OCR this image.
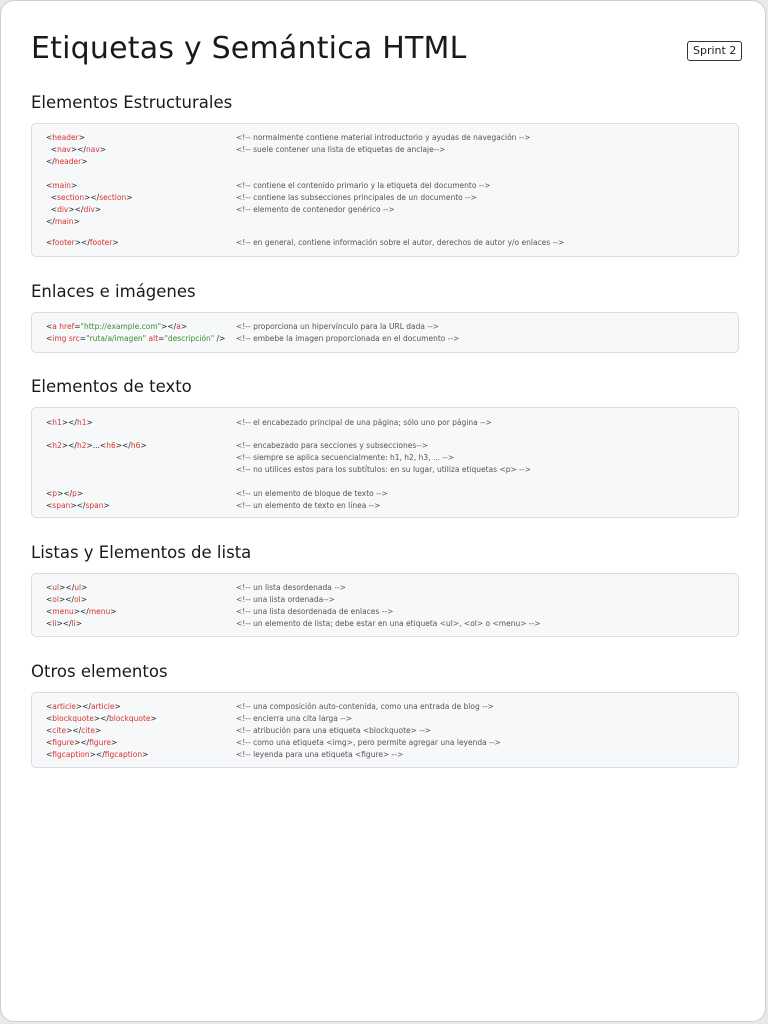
Etiquetas y Semántica HTML	Sprint 2
Elementos Estructurales
<header>	<!-- normalmente contiene material introductorio y ayudas de navegación -->
<nav></nav>	<!-- suele contener una lista de etiquetas de anclaje-->
</header>
<main>	<!-- contiene el contenido primario y la etiqueta del documento -->
<section></section>	<!-- contiene las subsecciones principales de un documento -->
<div></div>	<!-- elemento de contenedor genérico -->
</main>
<footer></footer>	<!-- en general, contiene información sobre el autor, derechos de autor y/o enlaces -->
Enlaces e imágenes
<a href="http://example.com"></a>	<!-- proporciona un hipervínculo para la URL dada -->
<img src="ruta/a/imagen" alt="descripción" /> <!-- embebe la imagen proporcionada en el documento -->
Elementos de texto
<h1></h1>	<!-- el encabezado principal de una página; sólo uno por página -->
<h2></h2>...<h6></h6>	<!-- encabezado para secciones y subsecciones-->
<!-- siempre se aplica secuencialmente: h1, h2, h3, ... -->
<!-- no utilices estos para los subtítulos: en su lugar, utiliza etiquetas <p> -->
<p></p>	<!-- un elemento de bloque de texto -->
<span></span>	<!-- un elemento de texto en línea -->
Listas y Elementos de lista
<ul></ul>	<!-- un lista desordenada -->
<ol></ol>	<!-- una lista ordenada-->
<menu></menu>	<!-- una lista desordenada de enlaces -->
<li></li>	<!-- un elemento de lista; debe estar en una etiqueta <ul>, <ol> o <menu> -->
Otros elementos
<article></article>	<!-- una composición auto-contenida, como una entrada de blog -->
<blockquote></blockquote>	<!-- encierra una cita larga -->
<cite></cite>	<!-- atribución para una etiqueta <blockquote> -->
<figure></figure>	<!-- como una etiqueta <img>, pero permite agregar una leyenda -->
<figcaption></figcaption>	<!-- leyenda para una etiqueta <figure> -->
